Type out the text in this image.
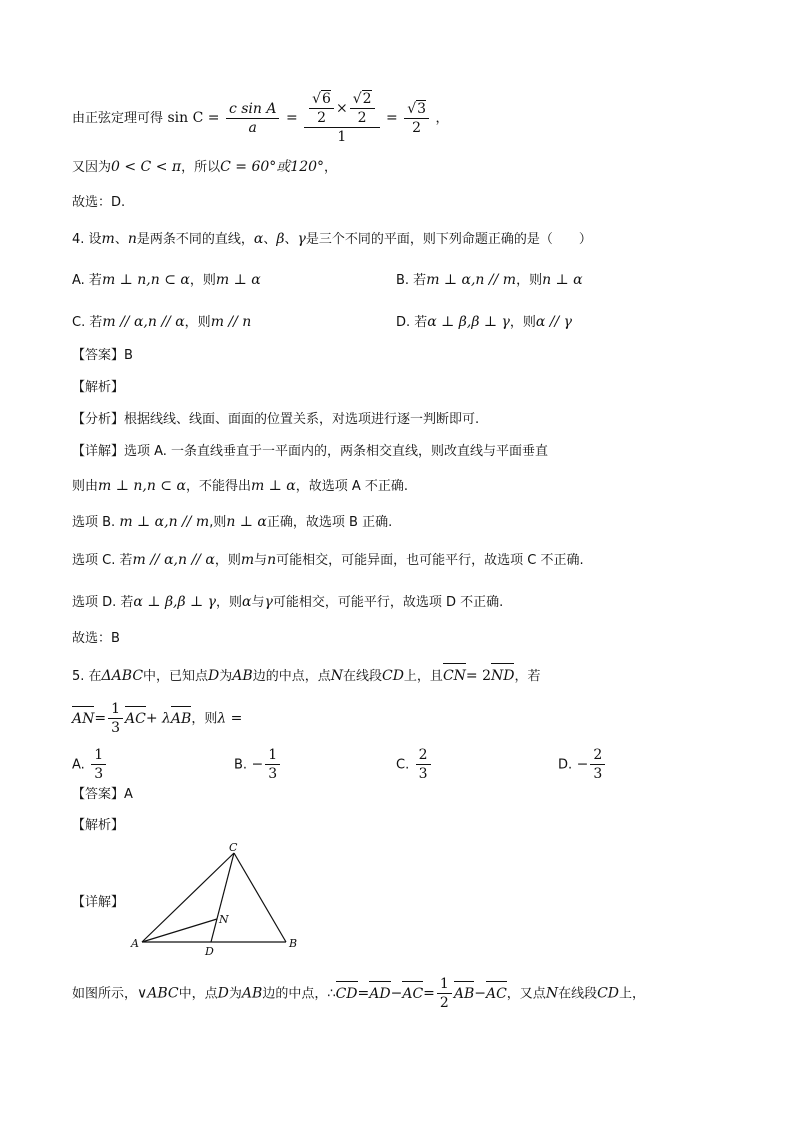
由正弦定理可得 $\sin C = \frac{\text{c sin A}}{a} = \frac{\frac{√6}{2} \times \frac{√2}{2}}{1} = \frac{√3}{2}$ ，
又因为0 < C < π，所以C = 60°或120°，
故选：D.
4. 设m、n是两条不同的直线，α、β、γ是三个不同的平面，则下列命题正确的是（　　）
A. 若m ⊥ n,n ⊂ α，则m ⊥ α	B. 若m ⊥ α,n // m，则n ⊥ α
C. 若m // α,n // α，则m // n	D. 若α ⊥ β,β ⊥ γ，则α // γ
【答案】B
【解析】
【分析】根据线线、线面、面面的位置关系，对选项进行逐一判断即可.
【详解】选项 A. 一条直线垂直于一平面内的，两条相交直线，则改直线与平面垂直
则由m ⊥ n,n ⊂ α，不能得出m ⊥ α，故选项 A 不正确.
选项 B. m ⊥ α,n // m,则n ⊥ α正确，故选项 B 正确.
选项 C. 若m // α,n // α，则m与n可能相交，可能异面，也可能平行，故选项 C 不正确.
选项 D. 若α ⊥ β,β ⊥ γ，则α与γ可能相交，可能平行，故选项 D 不正确.
故选：B
5. 在ΔABC中，已知点D为AB边的中点，点N在线段CD上，且CN= 2ND，若
$AN= \frac{1}{3} AC+ \lambda AB$，则λ =
A. $\frac{1}{3}$	B. − $\frac{1}{3}$	C. $\frac{2}{3}$	D. − $\frac{2}{3}$
【答案】A
【解析】
【详解】
C
N
A
D
B
如图所示，∨ABC中，点D为AB边的中点，∴CD=AD−AC= $\frac{1}{2} AB-AC$，又点N在线段CD上，
